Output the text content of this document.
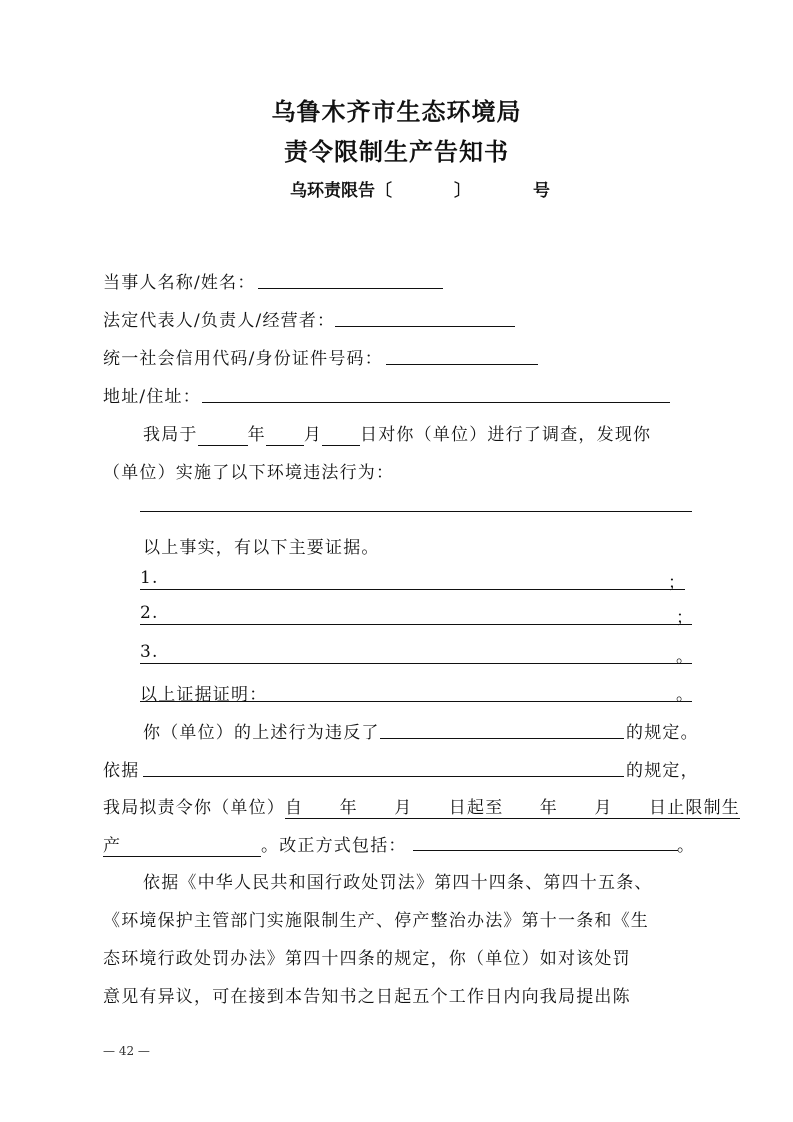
乌鲁木齐市生态环境局
责令限制生产告知书
乌环责限告〔	〕	号
当事人名称/姓名：
法定代表人/负责人/经营者：
统一社会信用代码/身份证件号码：
地址/住址：
我局于	年 月 日对你（单位）进行了调查，发现你
（单位）实施了以下环境违法行为：
以上事实，有以下主要证据。
1.	；
2.	；
3.	。
以上证据证明：	。
你（单位）的上述行为违反了	的规定。
依据	的规定，
我局拟责令你（单位）自　　年　　月　　日起至　　年　　月　　日止限制生
产	。改正方式包括：	。
依据《中华人民共和国行政处罚法》第四十四条、第四十五条、
《环境保护主管部门实施限制生产、停产整治办法》第十一条和《生
态环境行政处罚办法》第四十四条的规定，你（单位）如对该处罚
意见有异议，可在接到本告知书之日起五个工作日内向我局提出陈
— 42 —
